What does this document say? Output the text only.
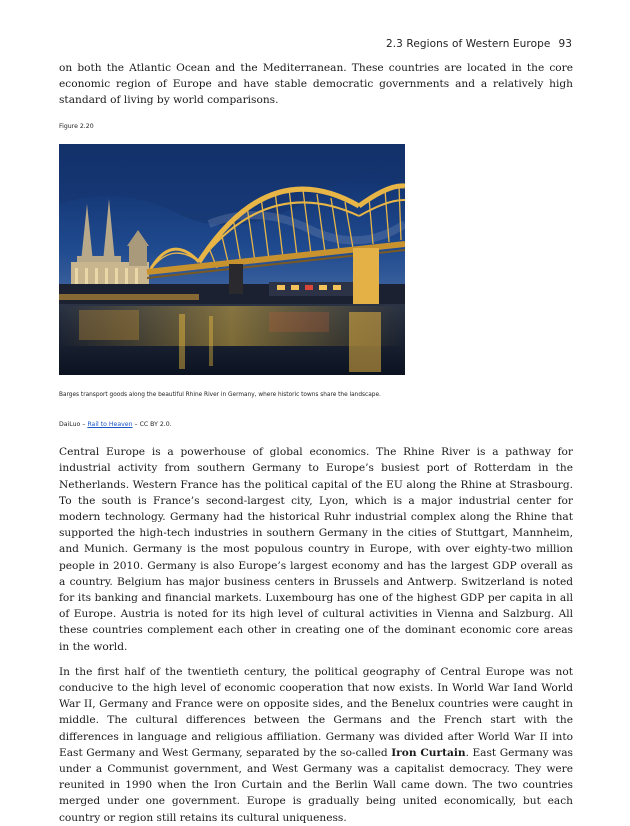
2.3 Regions of Western Europe 93

on both the Atlantic Ocean and the Mediterranean. These countries are located in the core economic region of Europe and have stable democratic governments and a relatively high standard of living by world comparisons.

Figure 2.20
Barges transport goods along the beautiful Rhine River in Germany, where historic towns share the landscape.
DaiLuo – Rail to Heaven – CC BY 2.0.

Central Europe is a powerhouse of global economics. The Rhine River is a pathway for industrial activity from southern Germany to Europe’s busiest port of Rotterdam in the Netherlands. Western France has the political capital of the EU along the Rhine at Strasbourg. To the south is France’s second-largest city, Lyon, which is a major industrial center for modern technology. Germany had the historical Ruhr industrial complex along the Rhine that supported the high-tech industries in southern Germany in the cities of Stuttgart, Mannheim, and Munich. Germany is the most populous country in Europe, with over eighty-two million people in 2010. Germany is also Europe’s largest economy and has the largest GDP overall as a country. Belgium has major business centers in Brussels and Antwerp. Switzerland is noted for its banking and financial markets. Luxembourg has one of the highest GDP per capita in all of Europe. Austria is noted for its high level of cultural activities in Vienna and Salzburg. All these countries complement each other in creating one of the dominant economic core areas in the world.

In the first half of the twentieth century, the political geography of Central Europe was not conducive to the high level of economic cooperation that now exists. In World War Iand World War II, Germany and France were on opposite sides, and the Benelux countries were caught in middle. The cultural differences between the Germans and the French start with the differences in language and religious affiliation. Germany was divided after World War II into East Germany and West Germany, separated by the so-called Iron Curtain. East Germany was under a Communist government, and West Germany was a capitalist democracy. They were reunited in 1990 when the Iron Curtain and the Berlin Wall came down. The two countries merged under one government. Europe is gradually being united economically, but each country or region still retains its cultural uniqueness.
